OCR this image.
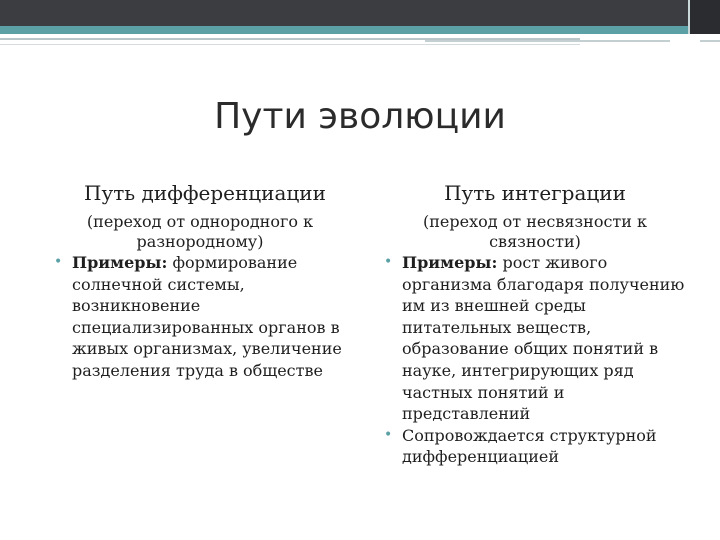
Пути эволюции
Путь дифференциации
(переход от однородного к разнородному)
• Примеры: формирование солнечной системы, возникновение специализированных органов в живых организмах, увеличение разделения труда в обществе
Путь интеграции
(переход от несвязности к связности)
• Примеры: рост живого организма благодаря получению им из внешней среды питательных веществ, образование общих понятий в науке, интегрирующих ряд частных понятий и представлений
• Сопровождается структурной дифференциацией
